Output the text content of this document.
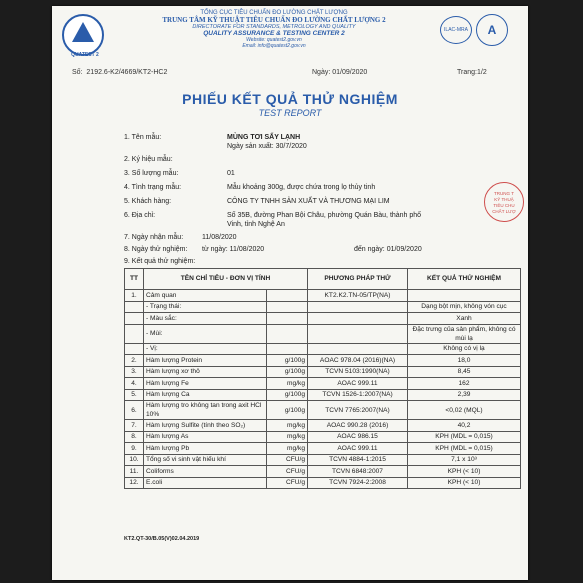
QUATEST 2
TỔNG CỤC TIÊU CHUẨN ĐO LƯỜNG CHẤT LƯỢNG
TRUNG TÂM KỸ THUẬT TIÊU CHUẨN ĐO LƯỜNG CHẤT LƯỢNG 2
DIRECTORATE FOR STANDARDS, METROLOGY AND QUALITY
QUALITY ASSURANCE & TESTING CENTER 2
Website: quatest2.gov.vn
Email: info@quatest2.gov.vn
ILAC-MRA	A
Số: 2192.6-K2/4669/KT2-HC2	Ngày: 01/09/2020	Trang:1/2
PHIẾU KẾT QUẢ THỬ NGHIỆM
TEST REPORT
1. Tên mẫu:	MÙNG TƠI SẤY LẠNH
Ngày sản xuất: 30/7/2020
2. Ký hiệu mẫu:
3. Số lượng mẫu:	01
4. Tình trạng mẫu:	Mẫu khoảng 300g, được chứa trong lọ thủy tinh
5. Khách hàng:	CÔNG TY TNHH SẢN XUẤT VÀ THƯƠNG MẠI LIM
6. Địa chỉ:	Số 35B, đường Phan Bội Châu, phường Quán Bàu, thành phố
Vinh, tỉnh Nghệ An
7. Ngày nhận mẫu:	11/08/2020
8. Ngày thử nghiệm: từ ngày: 11/08/2020	đến ngày: 01/09/2020
9. Kết quả thử nghiệm:
TRUNG T
KỸ THUẬ
TIÊU CHU
CHẤT LƯỢ
TT	TÊN CHỈ TIÊU - ĐƠN VỊ TÍNH		PHƯƠNG PHÁP THỬ	KẾT QUẢ THỬ NGHIỆM
1.	Cảm quan		KT2.K2.TN-05/TP(NA)	
	- Trạng thái:			Dạng bột mịn, không vón cục
	- Màu sắc:			Xanh
	- Mùi:			Đặc trưng của sản phẩm, không có mùi lạ
	- Vị:			Không có vị lạ
2.	Hàm lượng Protein	g/100g	AOAC 978.04 (2016)(NA)	18,0
3.	Hàm lượng xơ thô	g/100g	TCVN 5103:1990(NA)	8,45
4.	Hàm lượng Fe	mg/kg	AOAC 999.11	162
5.	Hàm lượng Ca	g/100g	TCVN 1526-1:2007(NA)	2,39
6.	Hàm lượng tro không tan trong axit HCl 10%	g/100g	TCVN 7765:2007(NA)	<0,02 (MQL)
7.	Hàm lượng Sulfite (tính theo SO₂)	mg/kg	AOAC 990.28 (2016)	40,2
8.	Hàm lượng As	mg/kg	AOAC 986.15	KPH (MDL = 0,015)
9.	Hàm lượng Pb	mg/kg	AOAC 999.11	KPH (MDL = 0,015)
10.	Tổng số vi sinh vật hiếu khí	CFU/g	TCVN 4884-1:2015	7,1 x 10³
11.	Coliforms	CFU/g	TCVN 6848:2007	KPH (< 10)
12.	E.coli	CFU/g	TCVN 7924-2:2008	KPH (< 10)
KT2.QT-30/B.05(V)02.04.2019
